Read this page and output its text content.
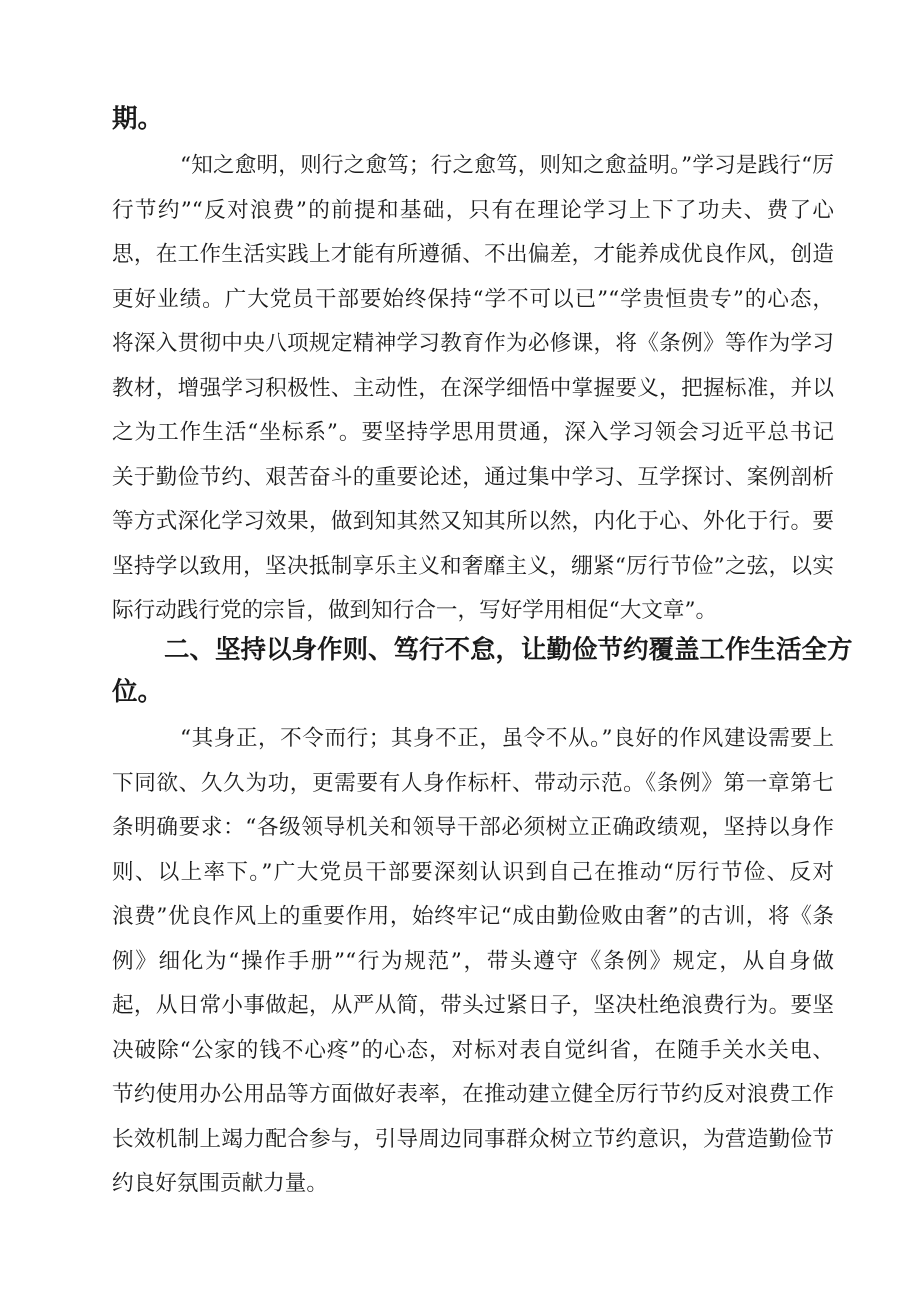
期。
“知之愈明，则行之愈笃；行之愈笃，则知之愈益明。”学习是践行“厉
行节约”“反对浪费”的前提和基础，只有在理论学习上下了功夫、费了心
思，在工作生活实践上才能有所遵循、不出偏差，才能养成优良作风，创造
更好业绩。广大党员干部要始终保持“学不可以已”“学贵恒贵专”的心态，
将深入贯彻中央八项规定精神学习教育作为必修课，将《条例》等作为学习
教材，增强学习积极性、主动性，在深学细悟中掌握要义，把握标准，并以
之为工作生活“坐标系”。要坚持学思用贯通，深入学习领会习近平总书记
关于勤俭节约、艰苦奋斗的重要论述，通过集中学习、互学探讨、案例剖析
等方式深化学习效果，做到知其然又知其所以然，内化于心、外化于行。要
坚持学以致用，坚决抵制享乐主义和奢靡主义，绷紧“厉行节俭”之弦，以实
际行动践行党的宗旨，做到知行合一，写好学用相促“大文章”。
二、坚持以身作则、笃行不怠，让勤俭节约覆盖工作生活全方
位。
“其身正，不令而行；其身不正，虽令不从。”良好的作风建设需要上
下同欲、久久为功，更需要有人身作标杆、带动示范。《条例》第一章第七
条明确要求：“各级领导机关和领导干部必须树立正确政绩观，坚持以身作
则、以上率下。”广大党员干部要深刻认识到自己在推动“厉行节俭、反对
浪费”优良作风上的重要作用，始终牢记“成由勤俭败由奢”的古训，将《条
例》细化为“操作手册”“行为规范”，带头遵守《条例》规定，从自身做
起，从日常小事做起，从严从简，带头过紧日子，坚决杜绝浪费行为。要坚
决破除“公家的钱不心疼”的心态，对标对表自觉纠省，在随手关水关电、
节约使用办公用品等方面做好表率，在推动建立健全厉行节约反对浪费工作
长效机制上竭力配合参与，引导周边同事群众树立节约意识，为营造勤俭节
约良好氛围贡献力量。
